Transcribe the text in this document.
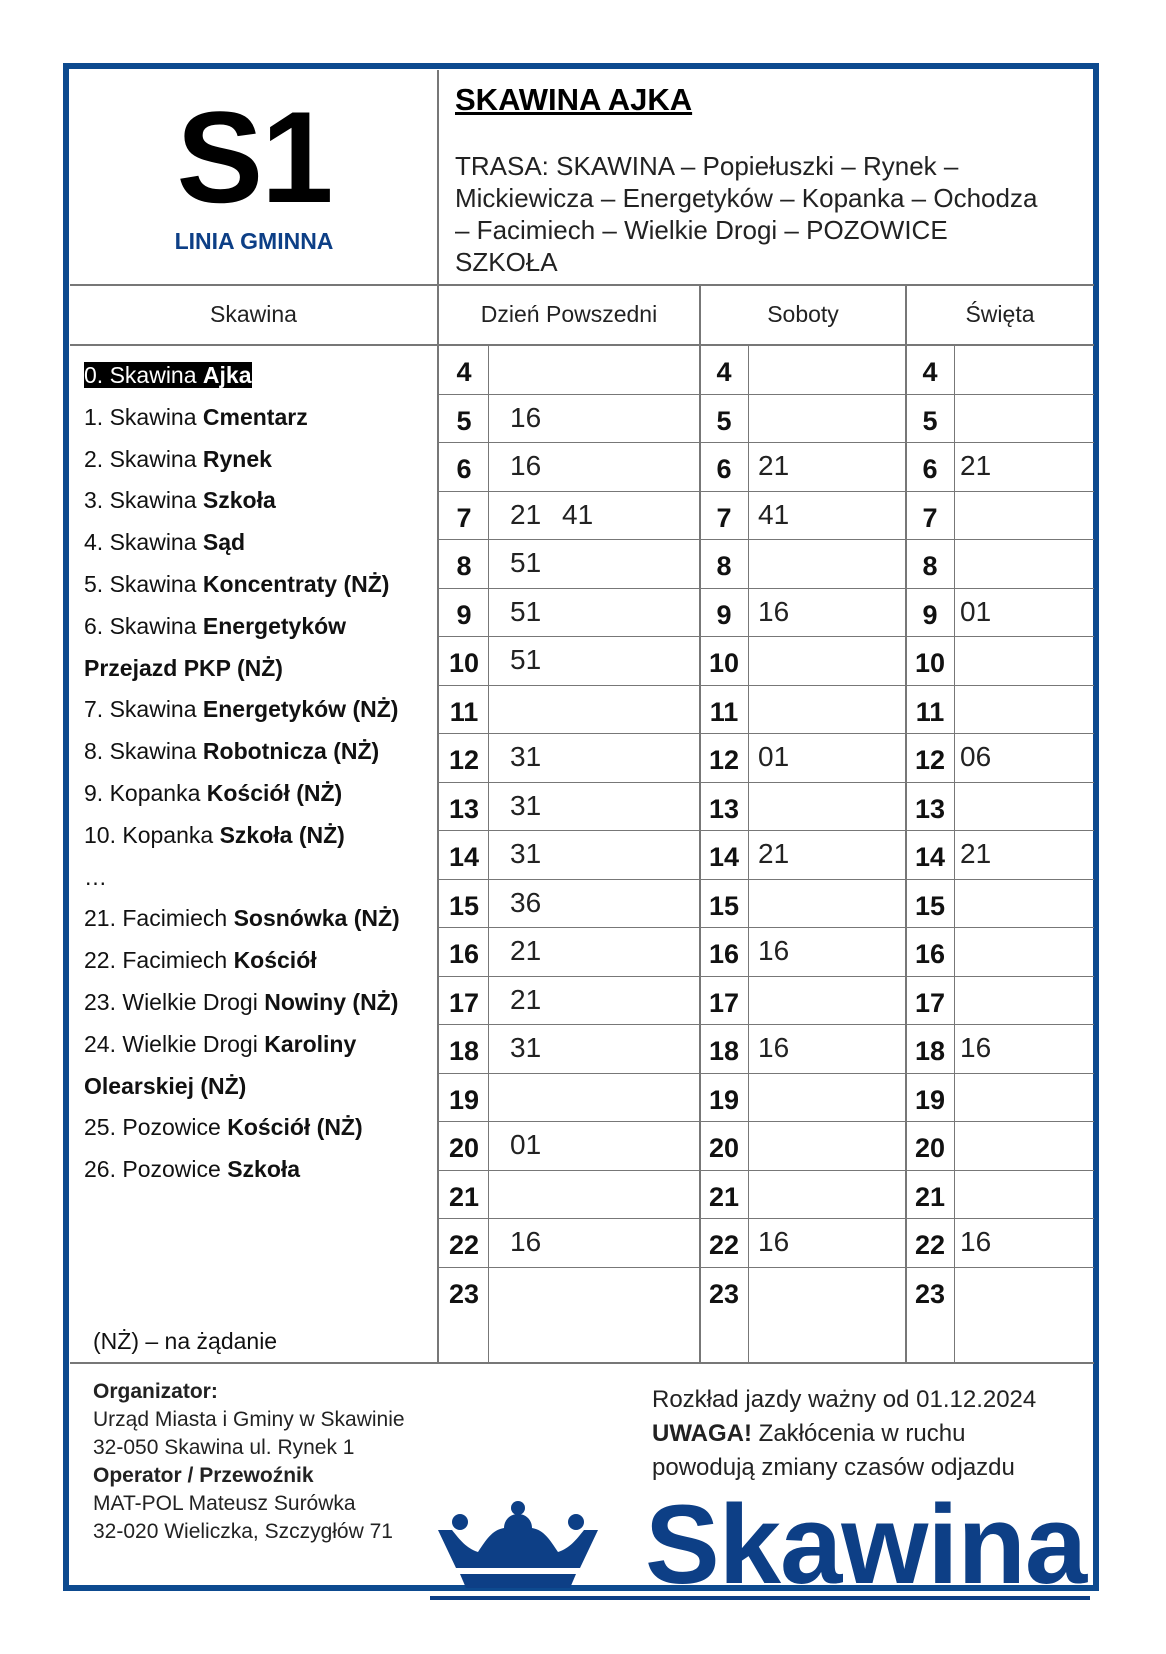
S1
LINIA GMINNA
SKAWINA AJKA
TRASA: SKAWINA – Popiełuszki – Rynek – Mickiewicza – Energetyków – Kopanka – Ochodza – Facimiech – Wielkie Drogi – POZOWICE SZKOŁA
Skawina	Dzień Powszedni	Soboty	Święta
0. Skawina Ajka
1. Skawina Cmentarz
2. Skawina Rynek
3. Skawina Szkoła
4. Skawina Sąd
5. Skawina Koncentraty (NŻ)
6. Skawina Energetyków
Przejazd PKP (NŻ)
7. Skawina Energetyków (NŻ)
8. Skawina Robotnicza (NŻ)
9. Kopanka Kościół (NŻ)
10. Kopanka Szkoła (NŻ)
…
21. Facimiech Sosnówka (NŻ)
22. Facimiech Kościół
23. Wielkie Drogi Nowiny (NŻ)
24. Wielkie Drogi Karoliny
Olearskiej (NŻ)
25. Pozowice Kościół (NŻ)
26. Pozowice Szkoła
(NŻ) – na żądanie
4	4	4
5	16	5	5
6	16	6 21	6 21
7	21 41	7 41	7
8	51	8	8
9	51	9 16	9 01
10	51	10	10
11	11	11
12	31	12 01	12 06
13	31	13	13
14	31	14 21	14 21
15	36	15	15
16	21	16 16	16
17	21	17	17
18	31	18 16	18 16
19	19	19
20	01	20	20
21	21	21
22	16	22 16	22 16
23	23	23
Organizator:
Urząd Miasta i Gminy w Skawinie
32-050 Skawina ul. Rynek 1
Operator / Przewoźnik
MAT-POL Mateusz Surówka
32-020 Wieliczka, Szczygłów 71
Rozkład jazdy ważny od 01.12.2024
UWAGA! Zakłócenia w ruchu
powodują zmiany czasów odjazdu
Skawina
